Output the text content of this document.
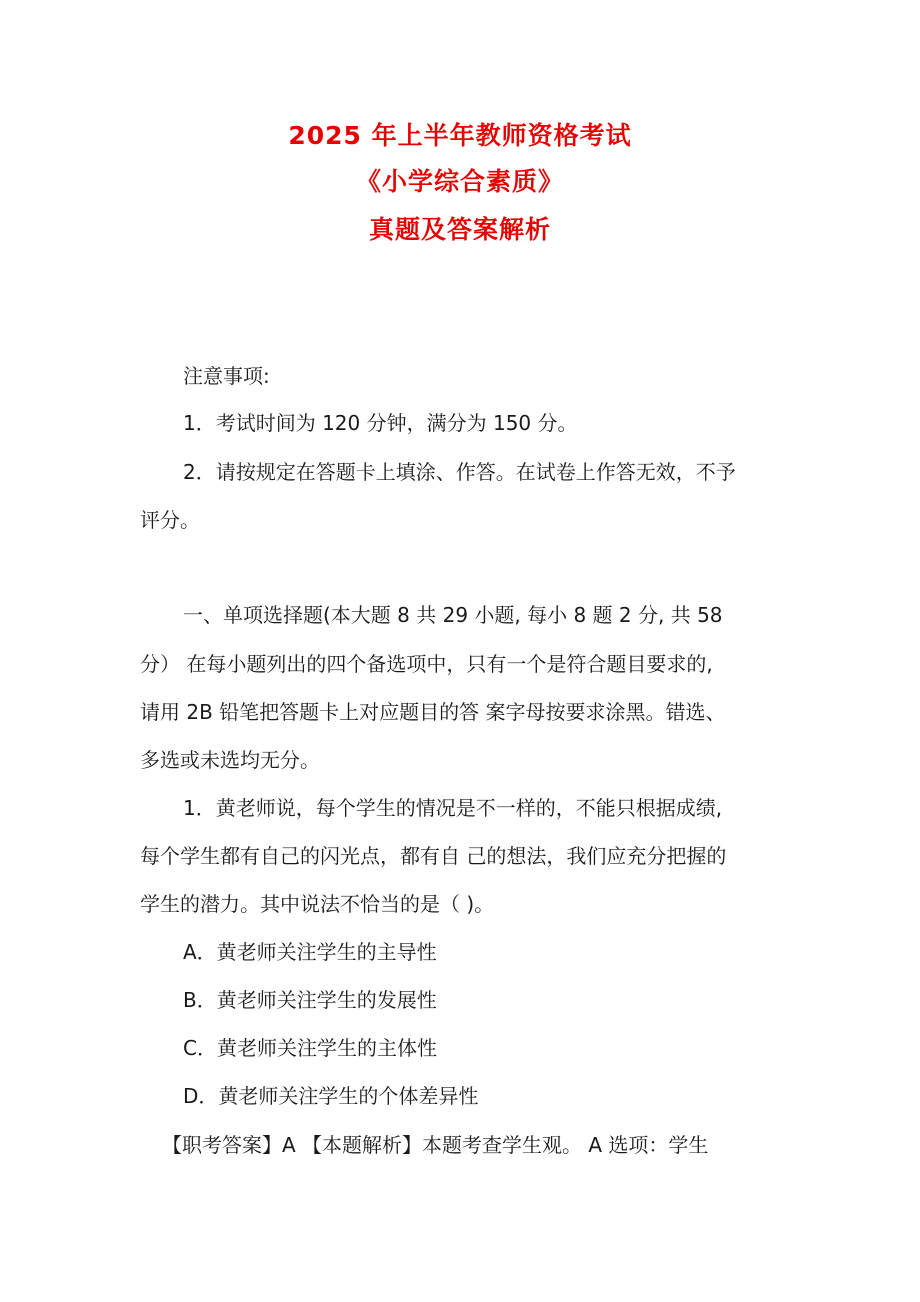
2025 年上半年教师资格考试
《小学综合素质》
真题及答案解析
注意事项:
1．考试时间为 120 分钟，满分为 150 分。
2．请按规定在答题卡上填涂、作答。在试卷上作答无效，不予
评分。
一、单项选择题(本大题 8 共 29 小题, 每小 8 题 2 分, 共 58
分） 在每小题列出的四个备选项中，只有一个是符合题目要求的,
请用 2B 铅笔把答题卡上对应题目的答 案字母按要求涂黑。错选、
多选或未选均无分。
1．黄老师说，每个学生的情况是不一样的，不能只根据成绩,
每个学生都有自己的闪光点，都有自 己的想法，我们应充分把握的
学生的潜力。其中说法不恰当的是（ )。
A．黄老师关注学生的主导性
B．黄老师关注学生的发展性
C．黄老师关注学生的主体性
D．黄老师关注学生的个体差异性
【职考答案】A 【本题解析】本题考查学生观。 A 选项：学生
